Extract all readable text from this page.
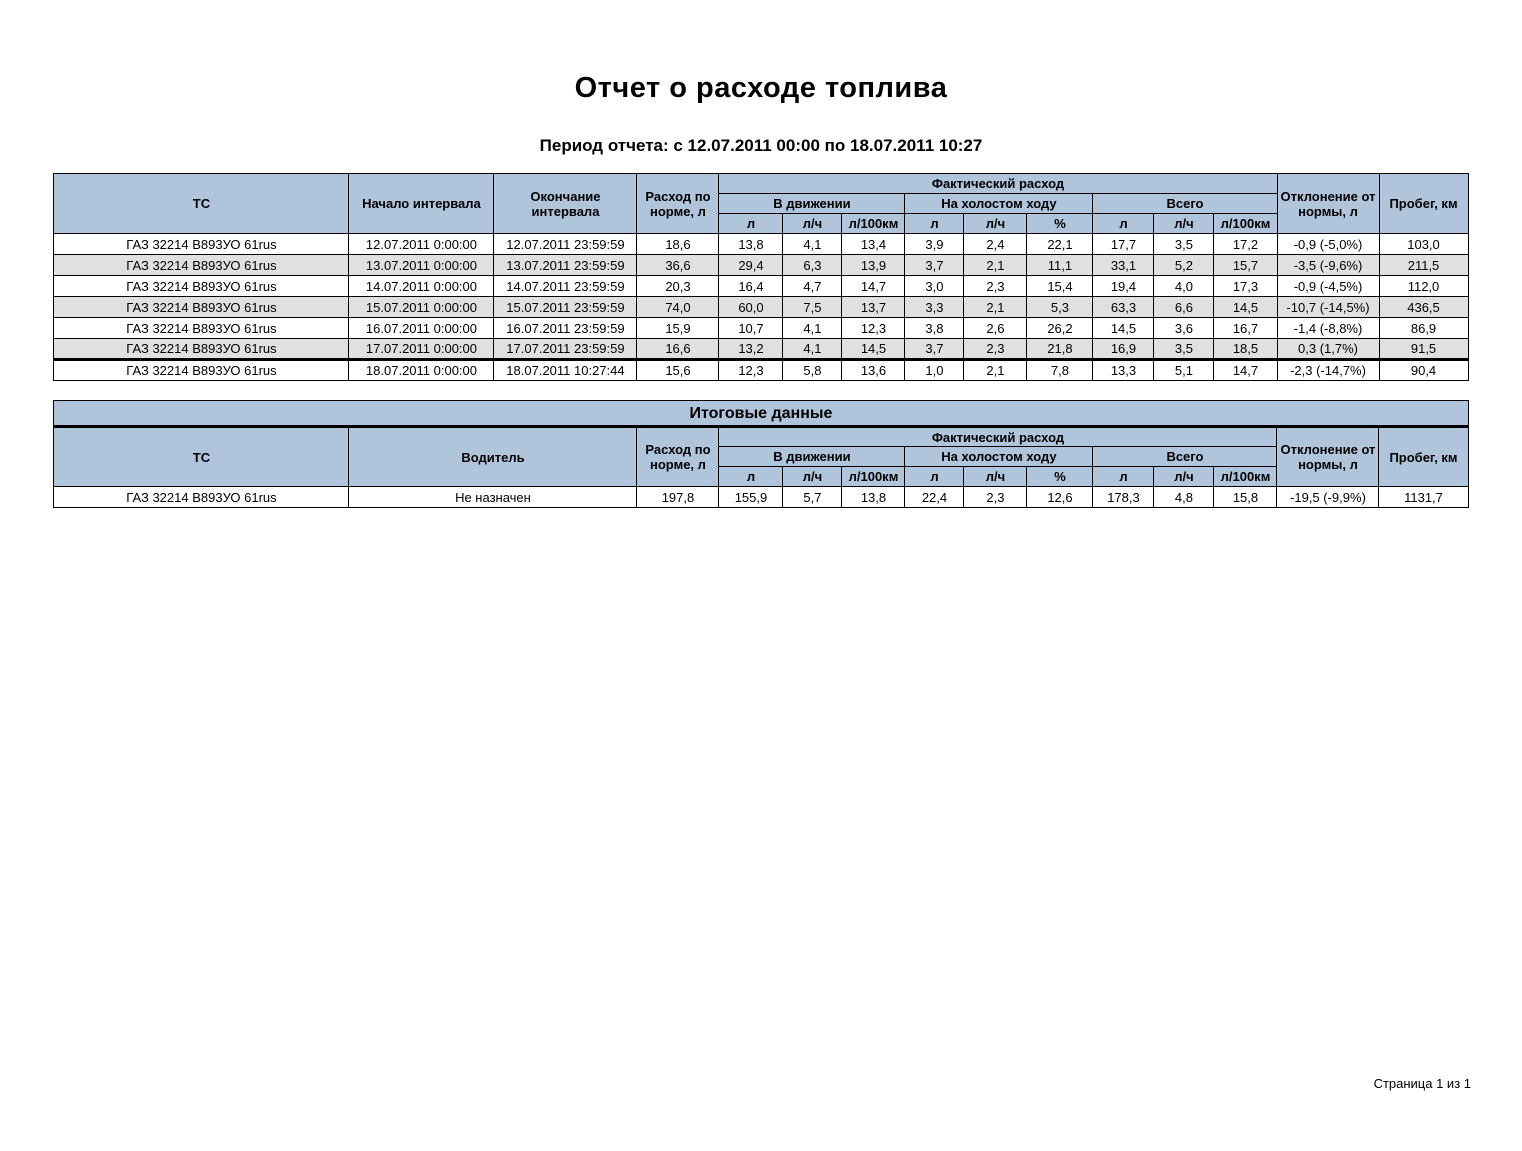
Отчет о расходе топлива
Период отчета: с 12.07.2011 00:00 по 18.07.2011 10:27
ТС	Начало интервала	Окончание интервала	Расход по норме, л	Фактический расход									Отклонение от нормы, л	Пробег, км
				В движении			На холостом ходу			Всего				
				л	л/ч	л/100км	л	л/ч	%	л	л/ч	л/100км		
ГАЗ 32214 В893УО 61rus	12.07.2011 0:00:00	12.07.2011 23:59:59	18,6	13,8	4,1	13,4	3,9	2,4	22,1	17,7	3,5	17,2	-0,9 (-5,0%)	103,0
ГАЗ 32214 В893УО 61rus	13.07.2011 0:00:00	13.07.2011 23:59:59	36,6	29,4	6,3	13,9	3,7	2,1	11,1	33,1	5,2	15,7	-3,5 (-9,6%)	211,5
ГАЗ 32214 В893УО 61rus	14.07.2011 0:00:00	14.07.2011 23:59:59	20,3	16,4	4,7	14,7	3,0	2,3	15,4	19,4	4,0	17,3	-0,9 (-4,5%)	112,0
ГАЗ 32214 В893УО 61rus	15.07.2011 0:00:00	15.07.2011 23:59:59	74,0	60,0	7,5	13,7	3,3	2,1	5,3	63,3	6,6	14,5	-10,7 (-14,5%)	436,5
ГАЗ 32214 В893УО 61rus	16.07.2011 0:00:00	16.07.2011 23:59:59	15,9	10,7	4,1	12,3	3,8	2,6	26,2	14,5	3,6	16,7	-1,4 (-8,8%)	86,9
ГАЗ 32214 В893УО 61rus	17.07.2011 0:00:00	17.07.2011 23:59:59	16,6	13,2	4,1	14,5	3,7	2,3	21,8	16,9	3,5	18,5	0,3 (1,7%)	91,5
ГАЗ 32214 В893УО 61rus	18.07.2011 0:00:00	18.07.2011 10:27:44	15,6	12,3	5,8	13,6	1,0	2,1	7,8	13,3	5,1	14,7	-2,3 (-14,7%)	90,4
Итоговые данные													
ТС	Водитель	Расход по норме, л	Фактический расход									Отклонение от нормы, л	Пробег, км
			В движении			На холостом ходу			Всего				
			л	л/ч	л/100км	л	л/ч	%	л	л/ч	л/100км		
ГАЗ 32214 В893УО 61rus	Не назначен	197,8	155,9	5,7	13,8	22,4	2,3	12,6	178,3	4,8	15,8	-19,5 (-9,9%)	1131,7
Страница 1 из 1
